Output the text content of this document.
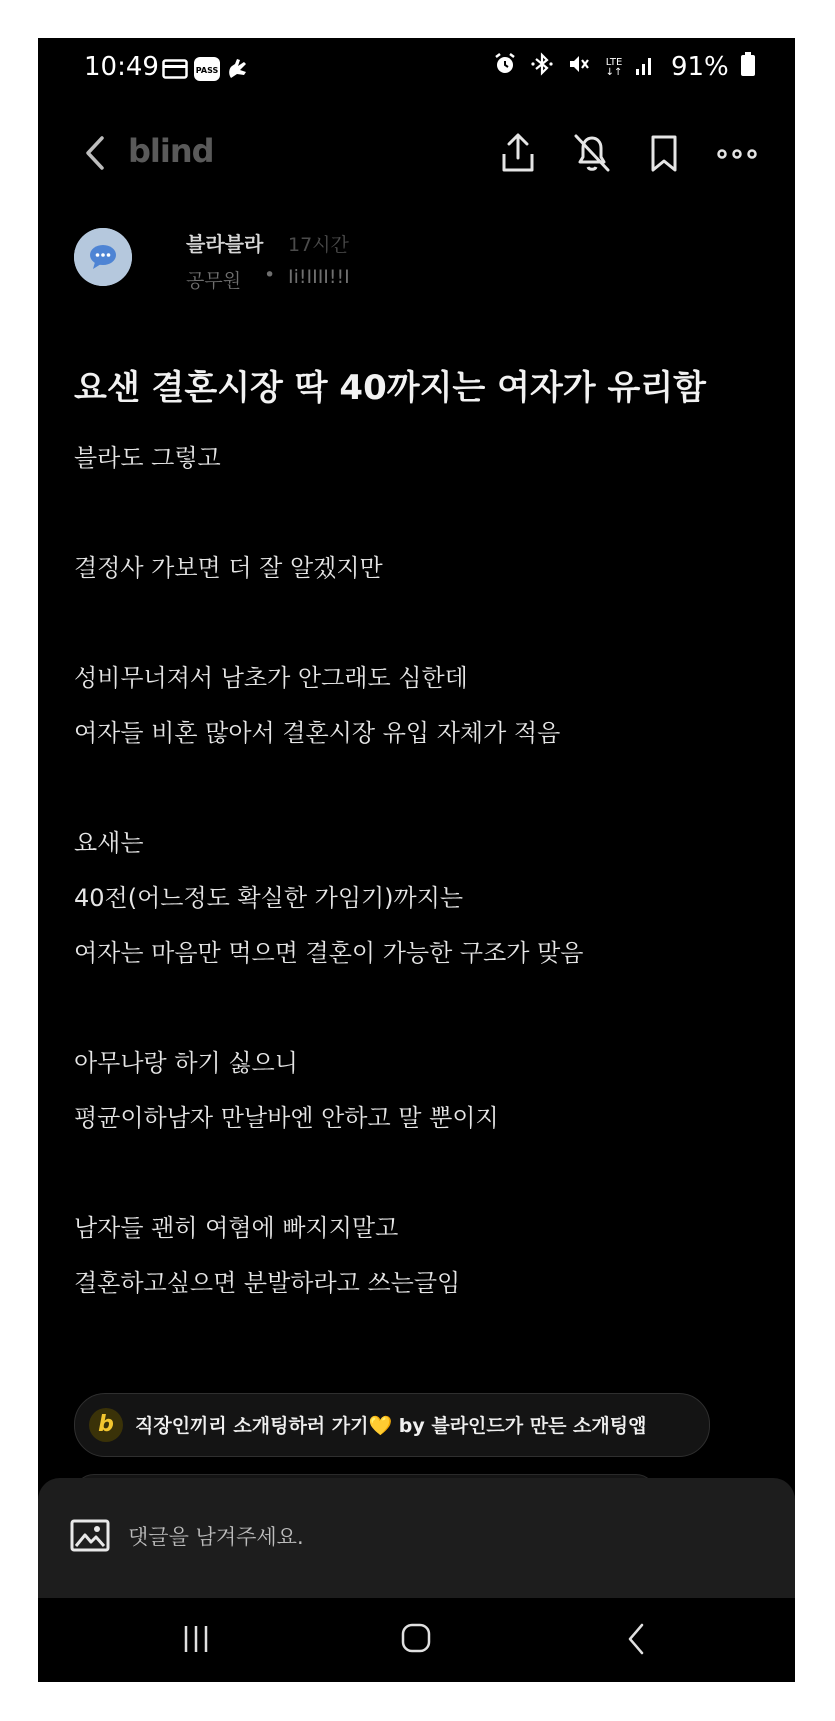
10:49	PASS
LTE
↓↑ 91%
blind
블라블라 17시간
공무원 • Ii!IIII!!I
요샌 결혼시장 딱 40까지는 여자가 유리함
블라도 그렇고
결정사 가보면 더 잘 알겠지만
성비무너져서 남초가 안그래도 심한데
여자들 비혼 많아서 결혼시장 유입 자체가 적음
요새는
40전(어느정도 확실한 가임기)까지는
여자는 마음만 먹으면 결혼이 가능한 구조가 맞음
아무나랑 하기 싫으니
평균이하남자 만날바엔 안하고 말 뿐이지
남자들 괜히 여혐에 빠지지말고
결혼하고싶으면 분발하라고 쓰는글임
b	직장인끼리 소개팅하러 가기💛 by 블라인드가 만든 소개팅앱
댓글을 남겨주세요.
